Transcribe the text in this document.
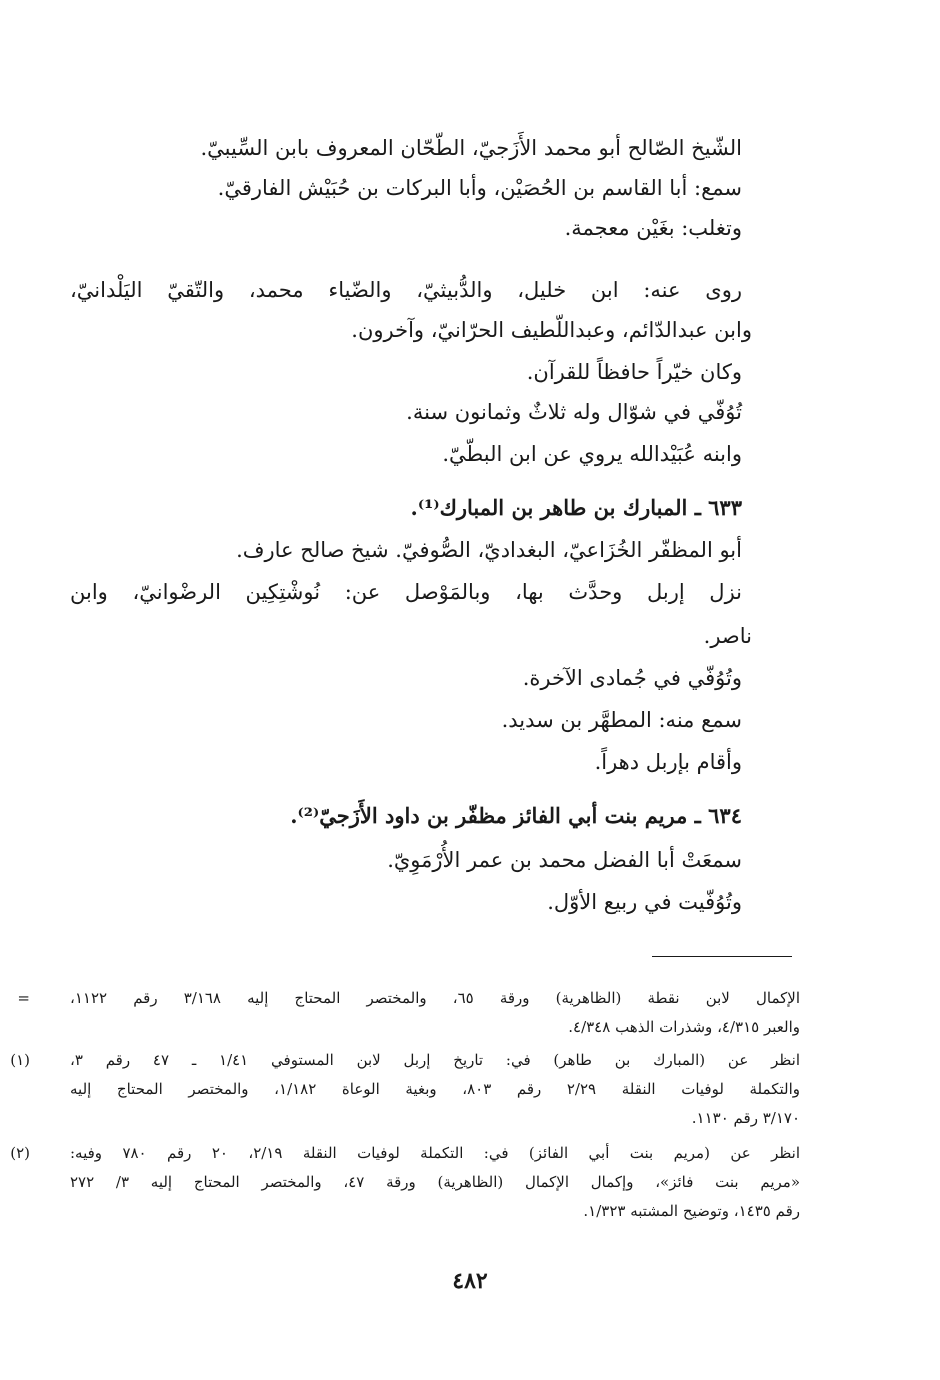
الشّيخ الصّالح أبو محمد الأَزَجيّ، الطّحّان المعروف بابن السِّيبيّ.
سمع: أبا القاسم بن الحُصَيْن، وأبا البركات بن حُبَيْش الفارقيّ.
وتغلب: بغَيْن معجمة.
روى عنه: ابن خليل، والدُّبيثيّ، والضّياء محمد، والتّقيّ اليَلْدانيّ،
وابن عبدالدّائم، وعبداللّطيف الحرّانيّ، وآخرون.
وكان خيّراً حافظاً للقرآن.
تُوُفّي في شوّال وله ثلاثٌ وثمانون سنة.
وابنه عُبَيْدالله يروي عن ابن البطّيّ.
٦٣٣ ـ المبارك بن طاهر بن المبارك⁽¹⁾.
أبو المظفّر الخُزَاعيّ، البغداديّ، الصُّوفيّ. شيخ صالح عارف.
نزل إربل وحدَّث بها، وبالمَوْصل عن: نُوشْتِكِين الرضْوانيّ، وابن
ناصر.
وتُوُفّي في جُمادى الآخرة.
سمع منه: المطهَّر بن سديد.
وأقام بإربل دهراً.
٦٣٤ ـ مريم بنت أبي الفائز مظفّر بن داود الأَزَجيّ⁽²⁾.
سمعَتْ أبا الفضل محمد بن عمر الأُرْمَوِيّ.
وتُوُفّيت في ربيع الأوّل.
=	الإكمال لابن نقطة (الظاهرية) ورقة ٦٥، والمختصر المحتاج إليه ٣/١٦٨ رقم ١١٢٢،
والعبر ٤/٣١٥، وشذرات الذهب ٤/٣٤٨.
(١)	انظر عن (المبارك بن طاهر) في: تاريخ إربل لابن المستوفي ١/٤١ ـ ٤٧ رقم ٣،
والتكملة لوفيات النقلة ٢/٢٩ رقم ٨٠٣، وبغية الوعاة ١/١٨٢، والمختصر المحتاج إليه
٣/١٧٠ رقم ١١٣٠.
(٢)	انظر عن (مريم بنت أبي الفائز) في: التكملة لوفيات النقلة ٢/١٩، ٢٠ رقم ٧٨٠ وفيه:
«مريم بنت فائز»، وإكمال الإكمال (الظاهرية) ورقة ٤٧، والمختصر المحتاج إليه ٣/ ٢٧٢
رقم ١٤٣٥، وتوضيح المشتبه ١/٣٢٣.
٤٨٢
